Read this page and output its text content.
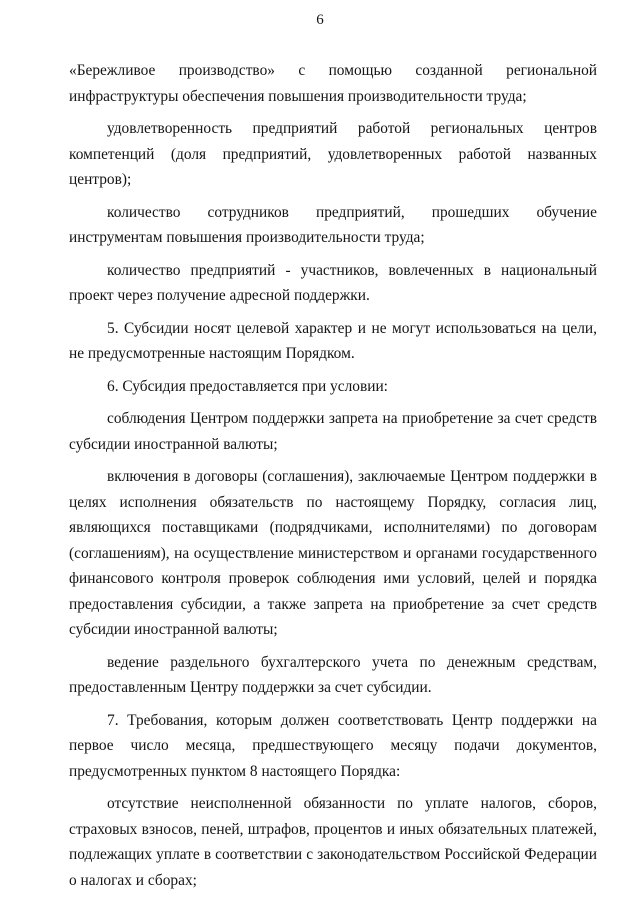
6

«Бережливое производство» с помощью созданной региональной инфраструктуры обеспечения повышения производительности труда;

удовлетворенность предприятий работой региональных центров компетенций (доля предприятий, удовлетворенных работой названных центров);

количество сотрудников предприятий, прошедших обучение инструментам повышения производительности труда;

количество предприятий - участников, вовлеченных в национальный проект через получение адресной поддержки.

5. Субсидии носят целевой характер и не могут использоваться на цели, не предусмотренные настоящим Порядком.

6. Субсидия предоставляется при условии:

соблюдения Центром поддержки запрета на приобретение за счет средств субсидии иностранной валюты;

включения в договоры (соглашения), заключаемые Центром поддержки в целях исполнения обязательств по настоящему Порядку, согласия лиц, являющихся поставщиками (подрядчиками, исполнителями) по договорам (соглашениям), на осуществление министерством и органами государственного финансового контроля проверок соблюдения ими условий, целей и порядка предоставления субсидии, а также запрета на приобретение за счет средств субсидии иностранной валюты;

ведение раздельного бухгалтерского учета по денежным средствам, предоставленным Центру поддержки за счет субсидии.

7. Требования, которым должен соответствовать Центр поддержки на первое число месяца, предшествующего месяцу подачи документов, предусмотренных пунктом 8 настоящего Порядка:

отсутствие неисполненной обязанности по уплате налогов, сборов, страховых взносов, пеней, штрафов, процентов и иных обязательных платежей, подлежащих уплате в соответствии с законодательством Российской Федерации о налогах и сборах;
